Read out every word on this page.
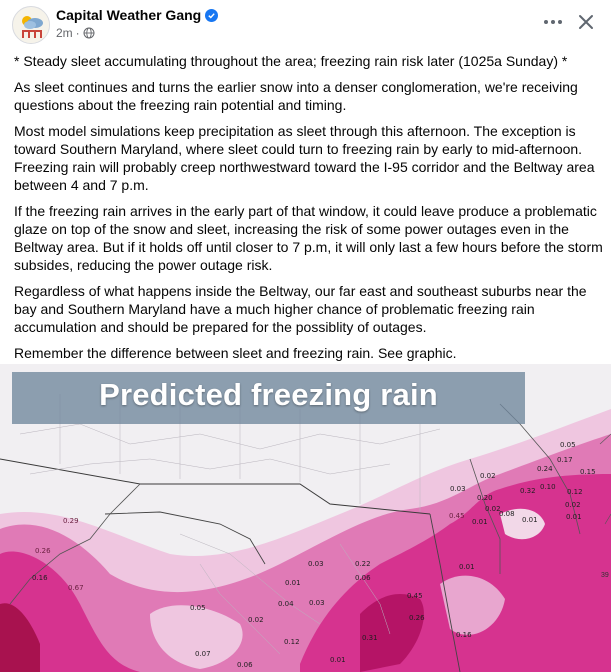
Capital Weather Gang
2m ·

* Steady sleet accumulating throughout the area; freezing rain risk later (1025a Sunday) *

As sleet continues and turns the earlier snow into a denser conglomeration, we're receiving questions about the freezing rain potential and timing.

Most model simulations keep precipitation as sleet through this afternoon. The exception is toward Southern Maryland, where sleet could turn to freezing rain by early to mid-afternoon. Freezing rain will probably creep northwestward toward the I-95 corridor and the Beltway area between 4 and 7 p.m.

If the freezing rain arrives in the early part of that window, it could leave produce a problematic glaze on top of the snow and sleet, increasing the risk of some power outages even in the Beltway area. But if it holds off until closer to 7 p.m, it will only last a few hours before the storm subsides, reducing the power outage risk.

Regardless of what happens inside the Beltway, our far east and southeast suburbs near the bay and Southern Maryland have a much higher chance of problematic freezing rain accumulation and should be prepared for the possiblity of outages.

Remember the difference between sleet and freezing rain. See graphic.

Predicted freezing rain
0.05
0.17
0.24
0.02
0.03	0.10
0.15
0.12
0.32
0.02
0.01
0.20
0.08
0.01
0.02
0.01
0.29
0.45
0.26
0.03	0.22
0.16
0.01
0.06
0.67
0.01
0.04 0.03
0.05
0.02
0.12
0.45
0.26
0.31	0.16
0.07
0.06
0.01
39
